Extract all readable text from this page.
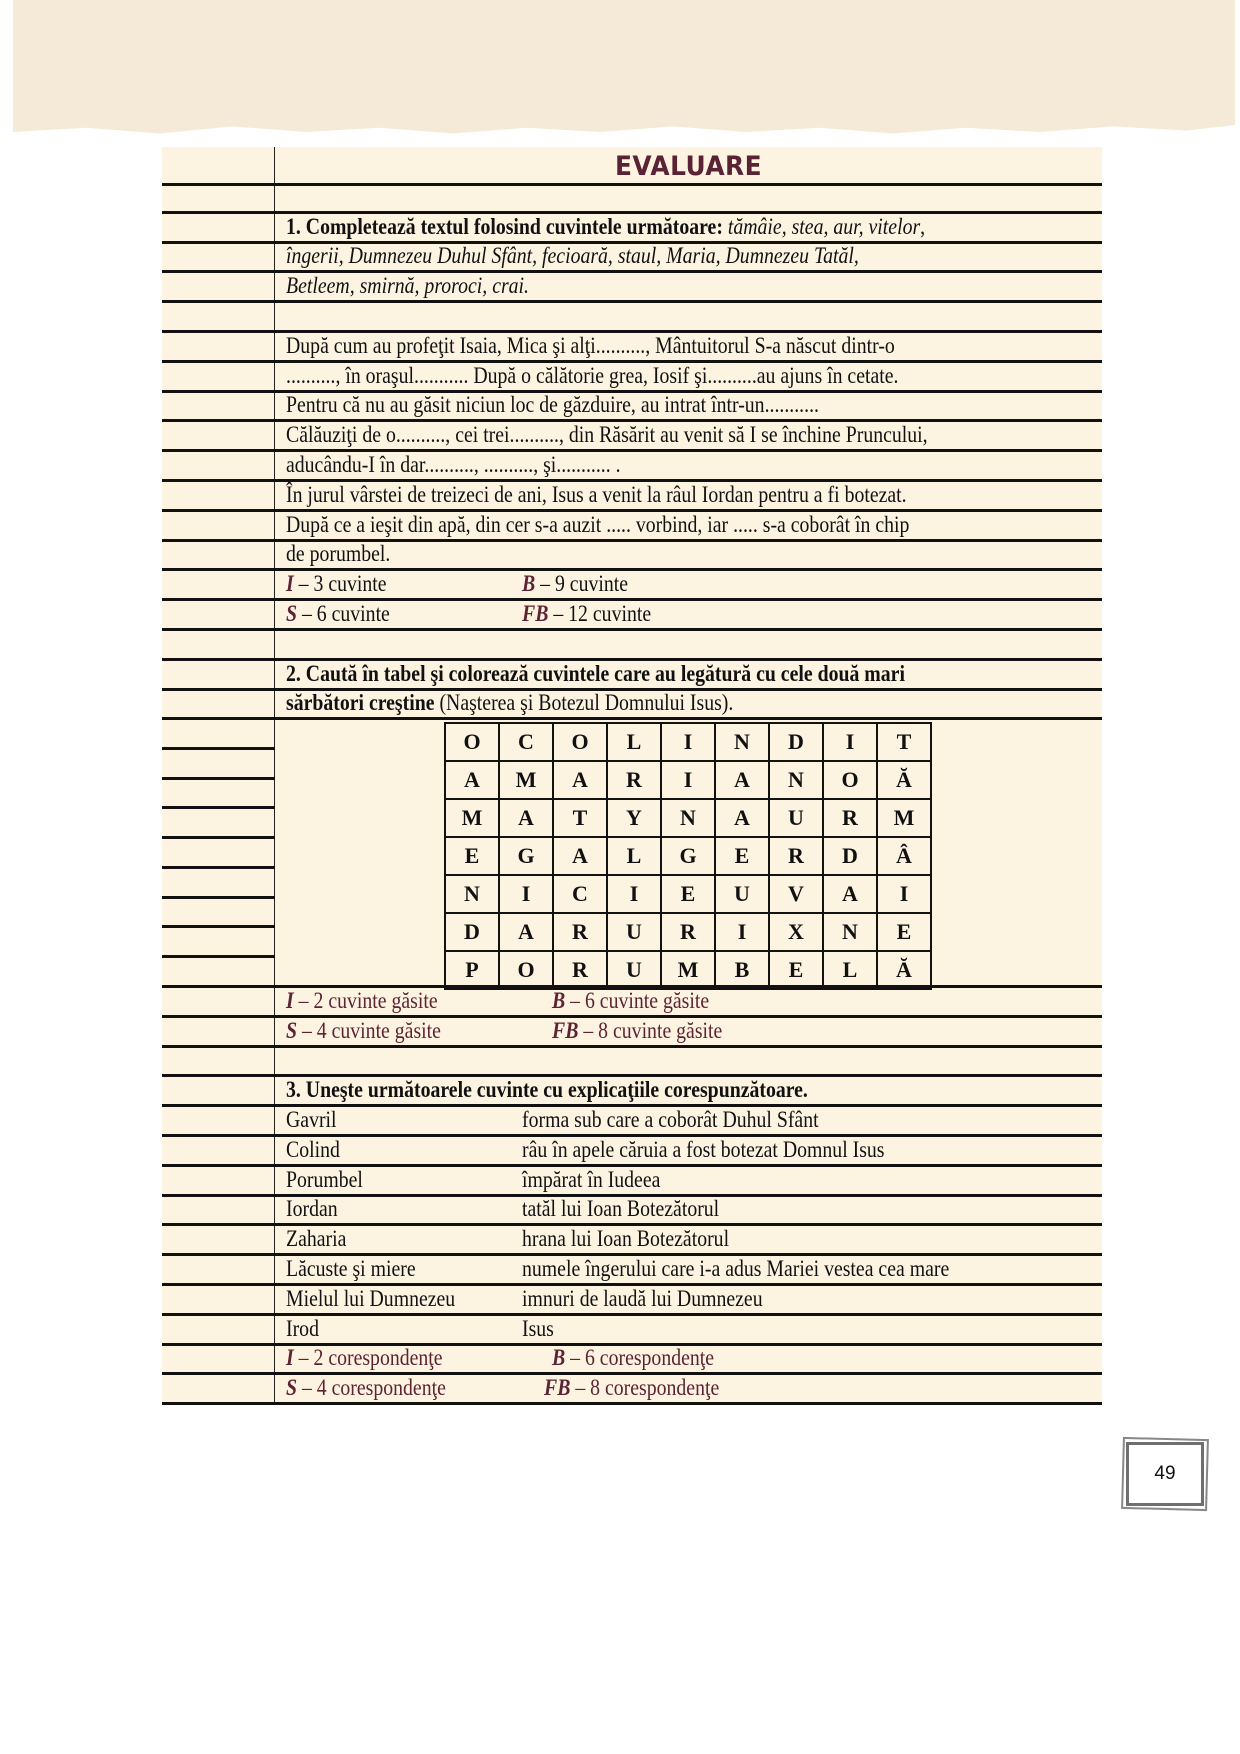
EVALUARE
O	C	O	L	I	N	D	I	T
A	M	A	R	I	A	N	O	Ă
M	A	T	Y	N	A	U	R	M
E	G	A	L	G	E	R	D	Â
N	I	C	I	E	U	V	A	I
D	A	R	U	R	I	X	N	E
P	O	R	U	M	B	E	L	Ă
1. Completează textul folosind cuvintele următoare: tămâie, stea, aur, vitelor,
îngerii, Dumnezeu Duhul Sfânt, fecioară, staul, Maria, Dumnezeu Tatăl,
Betleem, smirnă, proroci, crai.
După cum au profeţit Isaia, Mica şi alţi.........., Mântuitorul S-a născut dintr-o
.........., în oraşul........... După o călătorie grea, Iosif şi..........au ajuns în cetate.
Pentru că nu au găsit niciun loc de găzduire, au intrat într-un...........
Călăuziţi de o.........., cei trei.........., din Răsărit au venit să I se închine Pruncului,
aducându-I în dar.........., .........., şi........... .
În jurul vârstei de treizeci de ani, Isus a venit la râul Iordan pentru a fi botezat.
După ce a ieşit din apă, din cer s-a auzit ..... vorbind, iar ..... s-a coborât în chip
de porumbel.
I – 3 cuvinte	B – 9 cuvinte
S – 6 cuvinte	FB – 12 cuvinte
2. Caută în tabel şi colorează cuvintele care au legătură cu cele două mari
sărbători creştine (Naşterea şi Botezul Domnului Isus).
I – 2 cuvinte găsite	B – 6 cuvinte găsite
S – 4 cuvinte găsite	FB – 8 cuvinte găsite
3. Uneşte următoarele cuvinte cu explicaţiile corespunzătoare.
Gavril	forma sub care a coborât Duhul Sfânt
Colind	râu în apele căruia a fost botezat Domnul Isus
Porumbel	împărat în Iudeea
Iordan	tatăl lui Ioan Botezătorul
Zaharia	hrana lui Ioan Botezătorul
Lăcuste şi miere	numele îngerului care i-a adus Mariei vestea cea mare
Mielul lui Dumnezeu	imnuri de laudă lui Dumnezeu
Irod	Isus
I – 2 corespondenţe	B – 6 corespondenţe
S – 4 corespondenţe	FB – 8 corespondenţe
49
